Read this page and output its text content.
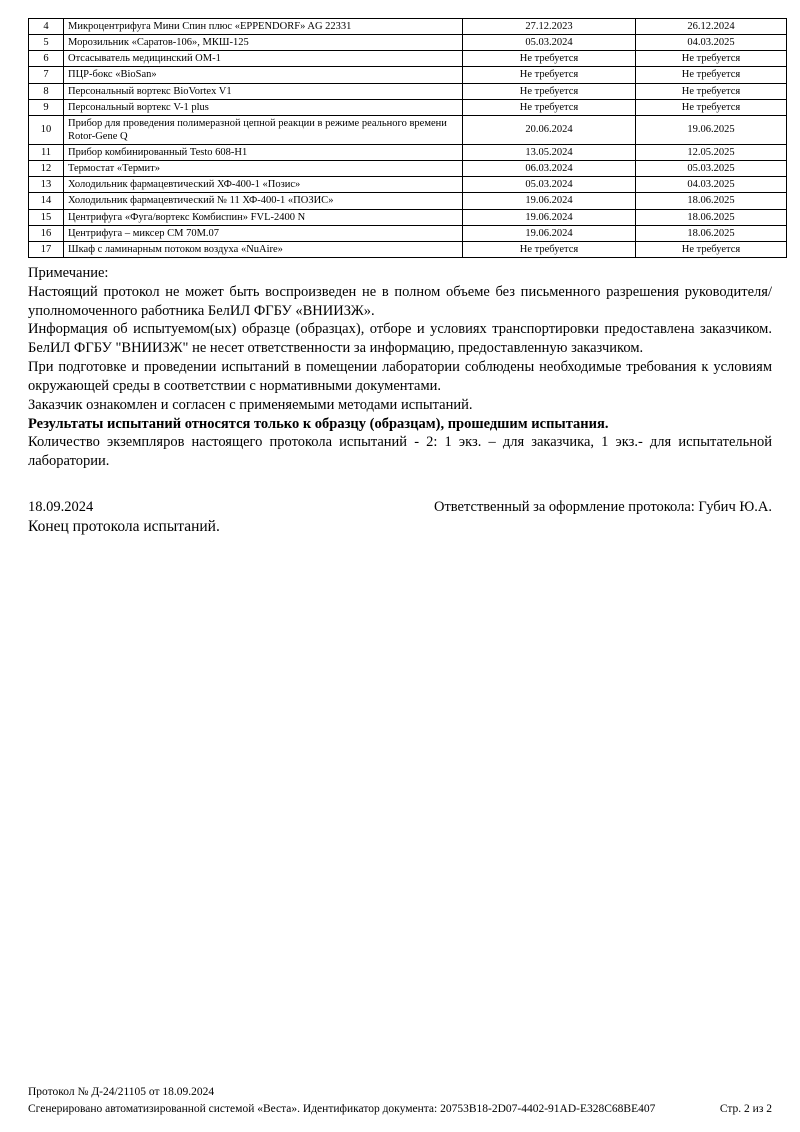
4	Микроцентрифуга Мини Спин плюс «EPPENDORF» AG 22331	27.12.2023	26.12.2024
5	Морозильник «Саратов-106», МКШ-125	05.03.2024	04.03.2025
6	Отсасыватель медицинский ОМ-1	Не требуется	Не требуется
7	ПЦР-бокс «BioSan»	Не требуется	Не требуется
8	Персональный вортекс BioVortex V1	Не требуется	Не требуется
9	Персональный вортекс V-1 plus	Не требуется	Не требуется
10	Прибор для проведения полимеразной цепной реакции в режиме реального времени Rotor-Gene Q	20.06.2024	19.06.2025
11	Прибор комбинированный Testo 608-H1	13.05.2024	12.05.2025
12	Термостат «Термит»	06.03.2024	05.03.2025
13	Холодильник фармацевтический ХФ-400-1 «Позис»	05.03.2024	04.03.2025
14	Холодильник фармацевтический № 11 ХФ-400-1 «ПОЗИС»	19.06.2024	18.06.2025
15	Центрифуга «Фуга/вортекс Комбиспин» FVL-2400 N	19.06.2024	18.06.2025
16	Центрифуга – миксер СМ 70М.07	19.06.2024	18.06.2025
17	Шкаф с ламинарным потоком воздуха «NuAire»	Не требуется	Не требуется

Примечание:

Настоящий протокол не может быть воспроизведен не в полном объеме без письменного разрешения руководителя/уполномоченного работника БелИЛ ФГБУ «ВНИИЗЖ».

Информация об испытуемом(ых) образце (образцах), отборе и условиях транспортировки предоставлена заказчиком. БелИЛ ФГБУ "ВНИИЗЖ" не несет ответственности за информацию, предоставленную заказчиком.

При подготовке и проведении испытаний в помещении лаборатории соблюдены необходимые требования к условиям окружающей среды в соответствии с нормативными документами.

Заказчик ознакомлен и согласен с применяемыми методами испытаний.

Результаты испытаний относятся только к образцу (образцам), прошедшим испытания.

Количество экземпляров настоящего протокола испытаний - 2: 1 экз. – для заказчика, 1 экз.- для испытательной лаборатории.

18.09.2024	Ответственный за оформление протокола: Губич Ю.А.
Конец протокола испытаний.
Протокол № Д-24/21105 от 18.09.2024
Сгенерировано автоматизированной системой «Веста». Идентификатор документа: 20753B18-2D07-4402-91AD-E328C68BE407	Стр. 2 из 2
